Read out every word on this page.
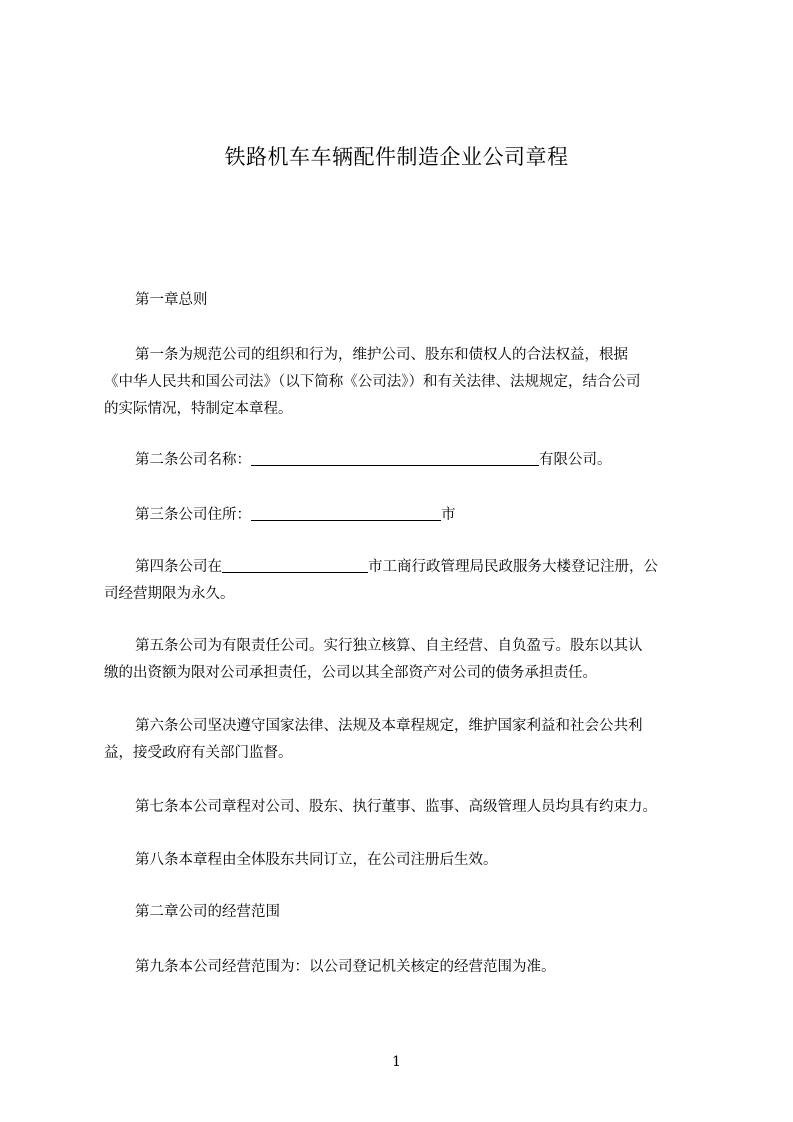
铁路机车车辆配件制造企业公司章程
第一章总则
第一条为规范公司的组织和行为，维护公司、股东和债权人的合法权益，根据
《中华人民共和国公司法》（以下简称《公司法》）和有关法律、法规规定，结合公司
的实际情况，特制定本章程。
第二条公司名称：	有限公司。
第三条公司住所：	市
第四条公司在	市工商行政管理局民政服务大楼登记注册，公
司经营期限为永久。
第五条公司为有限责任公司。实行独立核算、自主经营、自负盈亏。股东以其认
缴的出资额为限对公司承担责任，公司以其全部资产对公司的债务承担责任。
第六条公司坚决遵守国家法律、法规及本章程规定，维护国家利益和社会公共利
益，接受政府有关部门监督。
第七条本公司章程对公司、股东、执行董事、监事、高级管理人员均具有约束力。
第八条本章程由全体股东共同订立，在公司注册后生效。
第二章公司的经营范围
第九条本公司经营范围为：以公司登记机关核定的经营范围为准。
1
